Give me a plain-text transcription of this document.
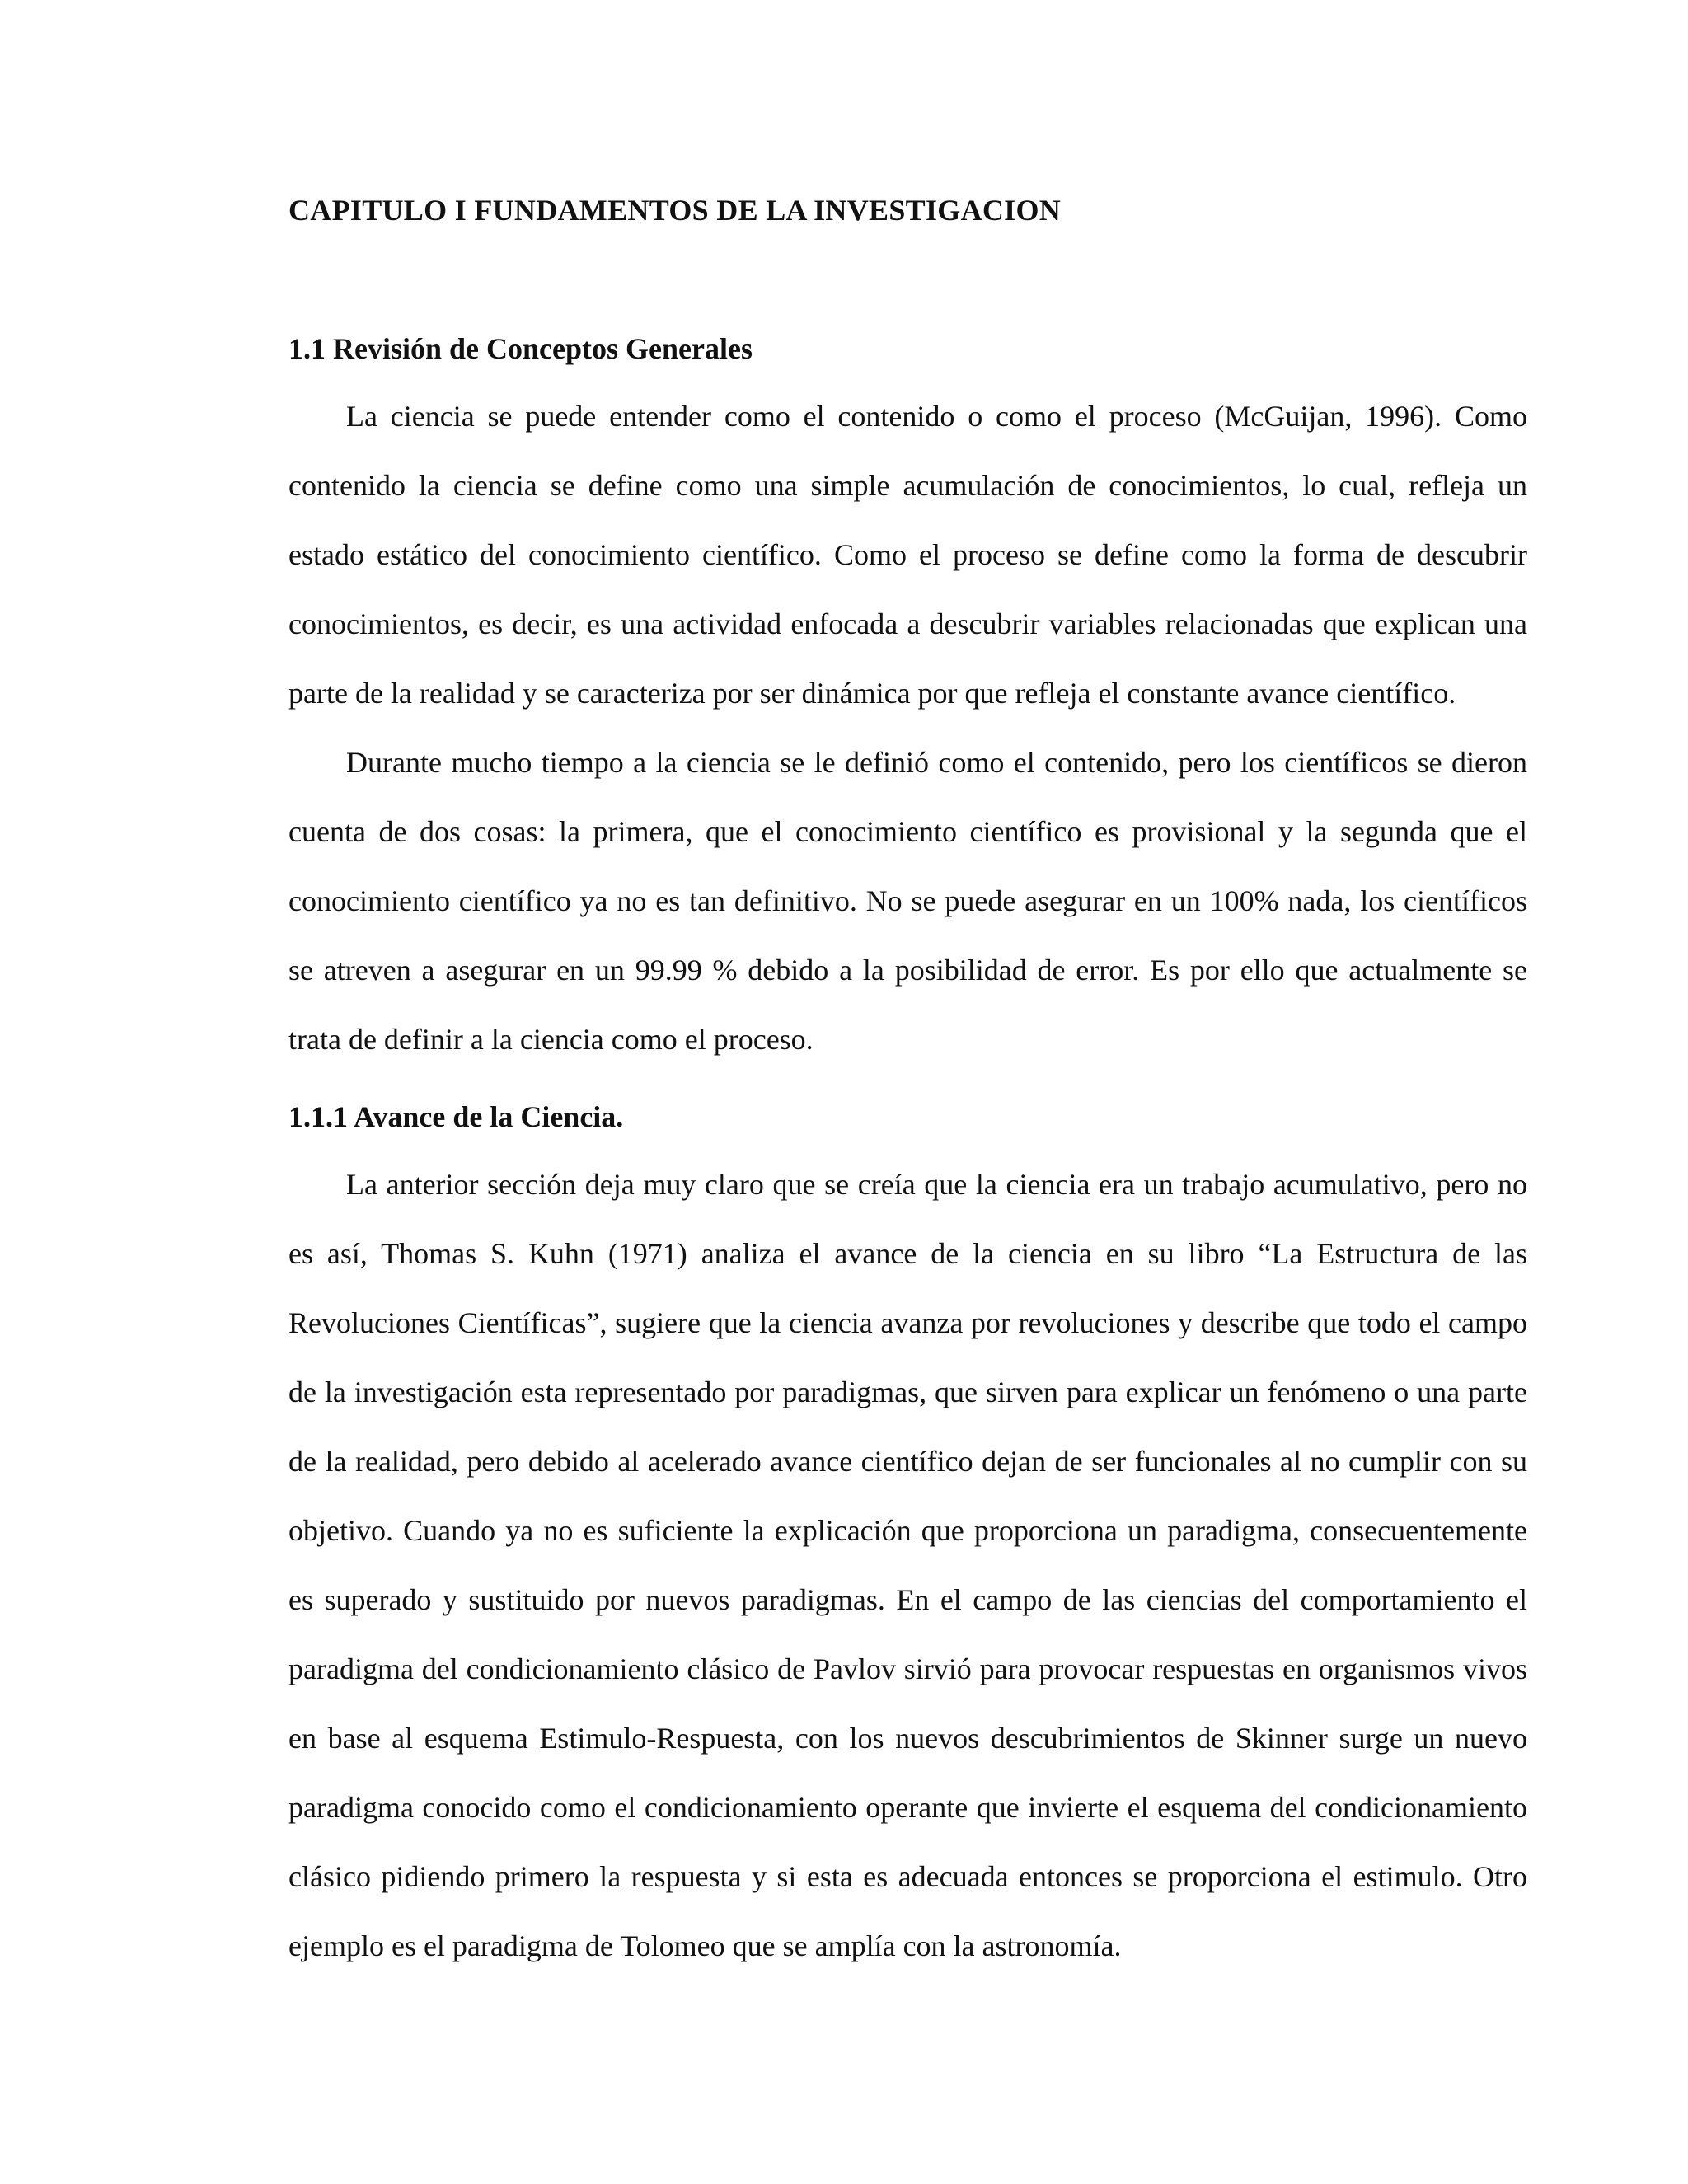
CAPITULO I FUNDAMENTOS DE LA INVESTIGACION
1.1 Revisión de Conceptos Generales

La ciencia se puede entender como el contenido o como el proceso (McGuijan, 1996). Como contenido la ciencia se define como una simple acumulación de conocimientos, lo cual, refleja un estado estático del conocimiento científico. Como el proceso se define como la forma de descubrir conocimientos, es decir, es una actividad enfocada a descubrir variables relacionadas que explican una parte de la realidad y se caracteriza por ser dinámica por que refleja el constante avance científico.

Durante mucho tiempo a la ciencia se le definió como el contenido, pero los científicos se dieron cuenta de dos cosas: la primera, que el conocimiento científico es provisional y la segunda que el conocimiento científico ya no es tan definitivo. No se puede asegurar en un 100% nada, los científicos se atreven a asegurar en un 99.99 % debido a la posibilidad de error. Es por ello que actualmente se trata de definir a la ciencia como el proceso.

1.1.1 Avance de la Ciencia.

La anterior sección deja muy claro que se creía que la ciencia era un trabajo acumulativo, pero no es así, Thomas S. Kuhn (1971) analiza el avance de la ciencia en su libro “La Estructura de las Revoluciones Científicas”, sugiere que la ciencia avanza por revoluciones y describe que todo el campo de la investigación esta representado por paradigmas, que sirven para explicar un fenómeno o una parte de la realidad, pero debido al acelerado avance científico dejan de ser funcionales al no cumplir con su objetivo. Cuando ya no es suficiente la explicación que proporciona un paradigma, consecuentemente es superado y sustituido por nuevos paradigmas. En el campo de las ciencias del comportamiento el paradigma del condicionamiento clásico de Pavlov sirvió para provocar respuestas en organismos vivos en base al esquema Estimulo-Respuesta, con los nuevos descubrimientos de Skinner surge un nuevo paradigma conocido como el condicionamiento operante que invierte el esquema del condicionamiento clásico pidiendo primero la respuesta y si esta es adecuada entonces se proporciona el estimulo. Otro ejemplo es el paradigma de Tolomeo que se amplía con la astronomía.
